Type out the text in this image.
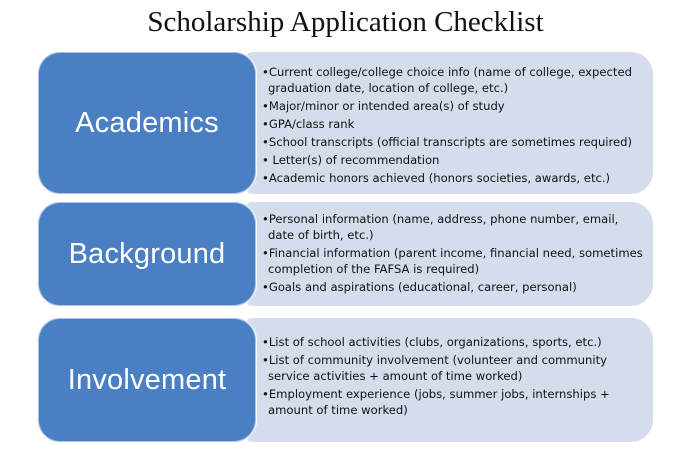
Scholarship Application Checklist
•Current college/college choice info (name of college, expected graduation date, location of college, etc.)
•Major/minor or intended area(s) of study
•GPA/class rank
•School transcripts (official transcripts are sometimes required)
• Letter(s) of recommendation
•Academic honors achieved (honors societies, awards, etc.)
Academics
•Personal information (name, address, phone number, email, date of birth, etc.)
•Financial information (parent income, financial need, sometimes completion of the FAFSA is required)
•Goals and aspirations (educational, career, personal)
Background
•List of school activities (clubs, organizations, sports, etc.)
•List of community involvement (volunteer and community service activities + amount of time worked)
•Employment experience (jobs, summer jobs, internships + amount of time worked)
Involvement
